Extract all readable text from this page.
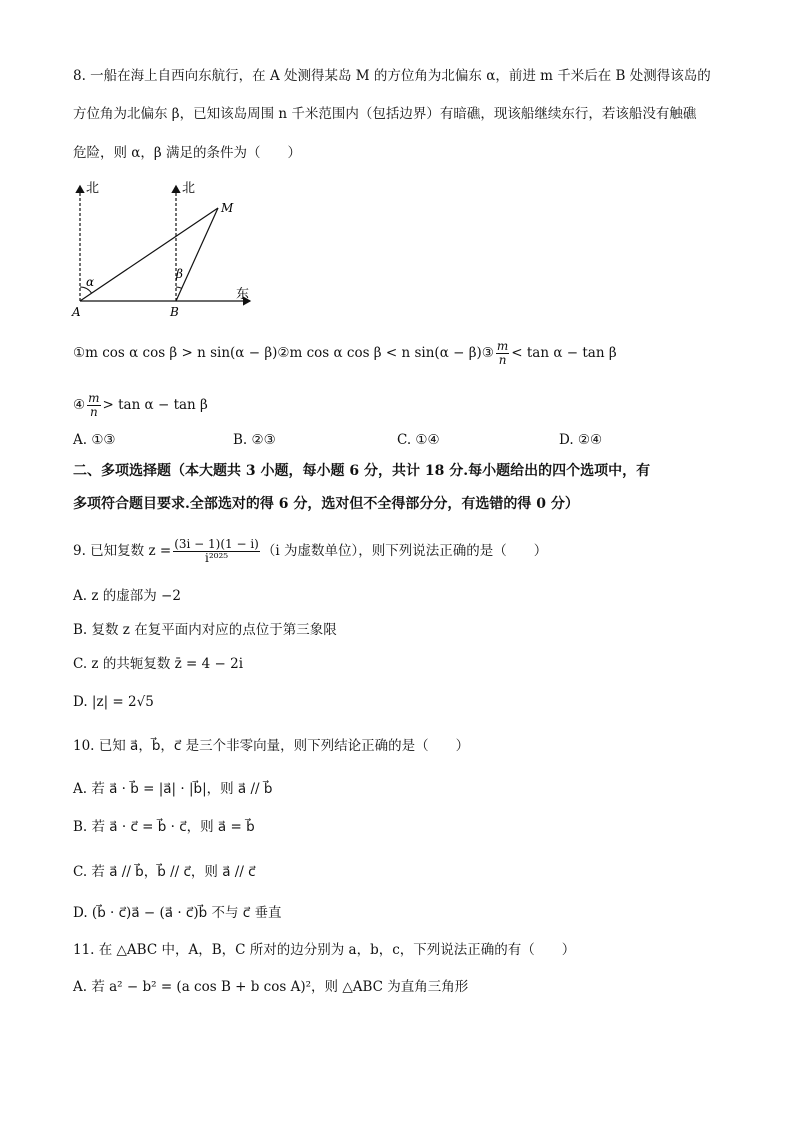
8. 一船在海上自西向东航行，在 A 处测得某岛 M 的方位角为北偏东 α，前进 m 千米后在 B 处测得该岛的
方位角为北偏东 β，已知该岛周围 n 千米范围内（包括边界）有暗礁，现该船继续东行，若该船没有触礁
危险，则 α，β 满足的条件为（　　）
北	北
东
A	B
M
α
β
①m cos α cos β > n sin(α − β)②m cos α cos β < n sin(α − β)③ $\frac{m}{n} < \tan \alpha - \tan \beta$
④ $\frac{m}{n} > \tan \alpha - \tan \beta$
A. ①③	B. ②③	C. ①④	D. ②④
二、多项选择题（本大题共 3 小题，每小题 6 分，共计 18 分.每小题给出的四个选项中，有
多项符合题目要求.全部选对的得 6 分，选对但不全得部分分，有选错的得 0 分）
9. 已知复数 $z = \frac{(3i - 1)(1 - i)}{\text{i²⁰²⁵}} (i$ 为虚数单位），则下列说法正确的是（　　）
A. z 的虚部为 −2
B. 复数 z 在复平面内对应的点位于第三象限
C. z 的共轭复数 z̄ = 4 − 2i
D. |z| = 2√5
10. 已知 a⃗，b⃗，c⃗ 是三个非零向量，则下列结论正确的是（　　）
A. 若 a⃗ · b⃗ = |a⃗| · |b⃗|，则 a⃗ // b⃗
B. 若 a⃗ · c⃗ = b⃗ · c⃗，则 a⃗ = b⃗
C. 若 a⃗ // b⃗，b⃗ // c⃗，则 a⃗ // c⃗
D. (b⃗ · c⃗)a⃗ − (a⃗ · c⃗)b⃗ 不与 c⃗ 垂直
11. 在 △ABC 中，A，B，C 所对的边分别为 a，b，c，下列说法正确的有（　　）
A. 若 a² − b² = (a cos B + b cos A)²，则 △ABC 为直角三角形
